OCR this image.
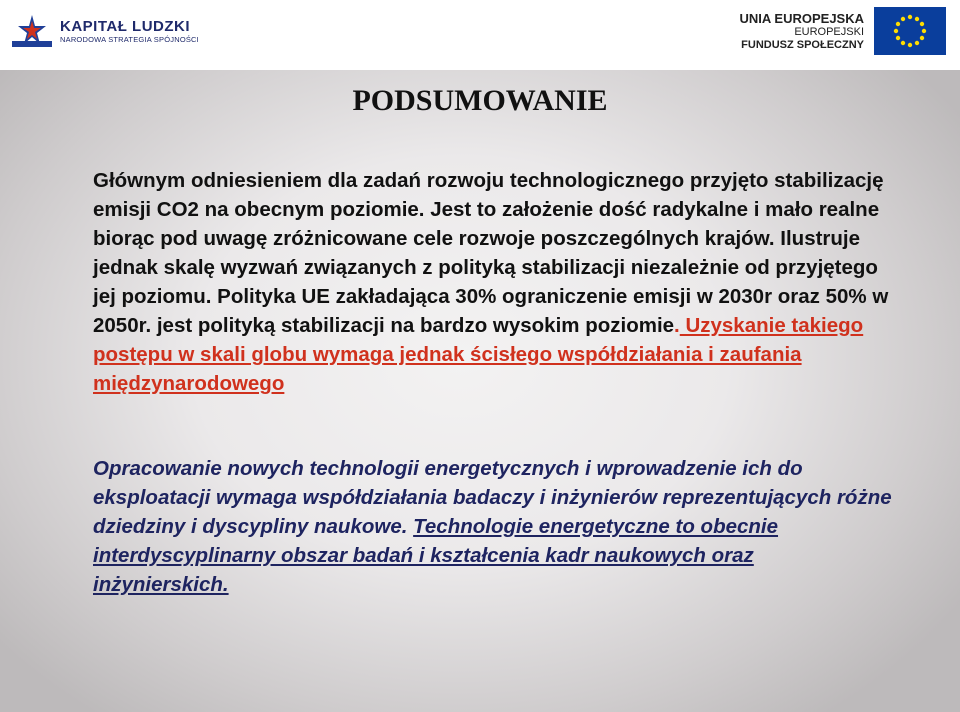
KAPITAŁ LUDZKI
NARODOWA STRATEGIA SPÓJNOŚCI
UNIA EUROPEJSKA
EUROPEJSKI
FUNDUSZ SPOŁECZNY
PODSUMOWANIE

Głównym odniesieniem dla zadań rozwoju technologicznego przyjęto stabilizację emisji CO2 na obecnym poziomie. Jest to założenie dość radykalne i mało realne biorąc pod uwagę zróżnicowane cele rozwoje poszczególnych krajów. Ilustruje jednak skalę wyzwań związanych z polityką stabilizacji niezależnie od przyjętego jej poziomu. Polityka UE zakładająca 30% ograniczenie emisji w 2030r oraz 50% w 2050r. jest polityką stabilizacji na bardzo wysokim poziomie. Uzyskanie takiego postępu w skali globu wymaga jednak ścisłego współdziałania i zaufania międzynarodowego

Opracowanie nowych technologii energetycznych i wprowadzenie ich do eksploatacji wymaga współdziałania badaczy i inżynierów reprezentujących różne dziedziny i dyscypliny naukowe. Technologie energetyczne to obecnie interdyscyplinarny obszar badań i kształcenia kadr naukowych oraz inżynierskich.
